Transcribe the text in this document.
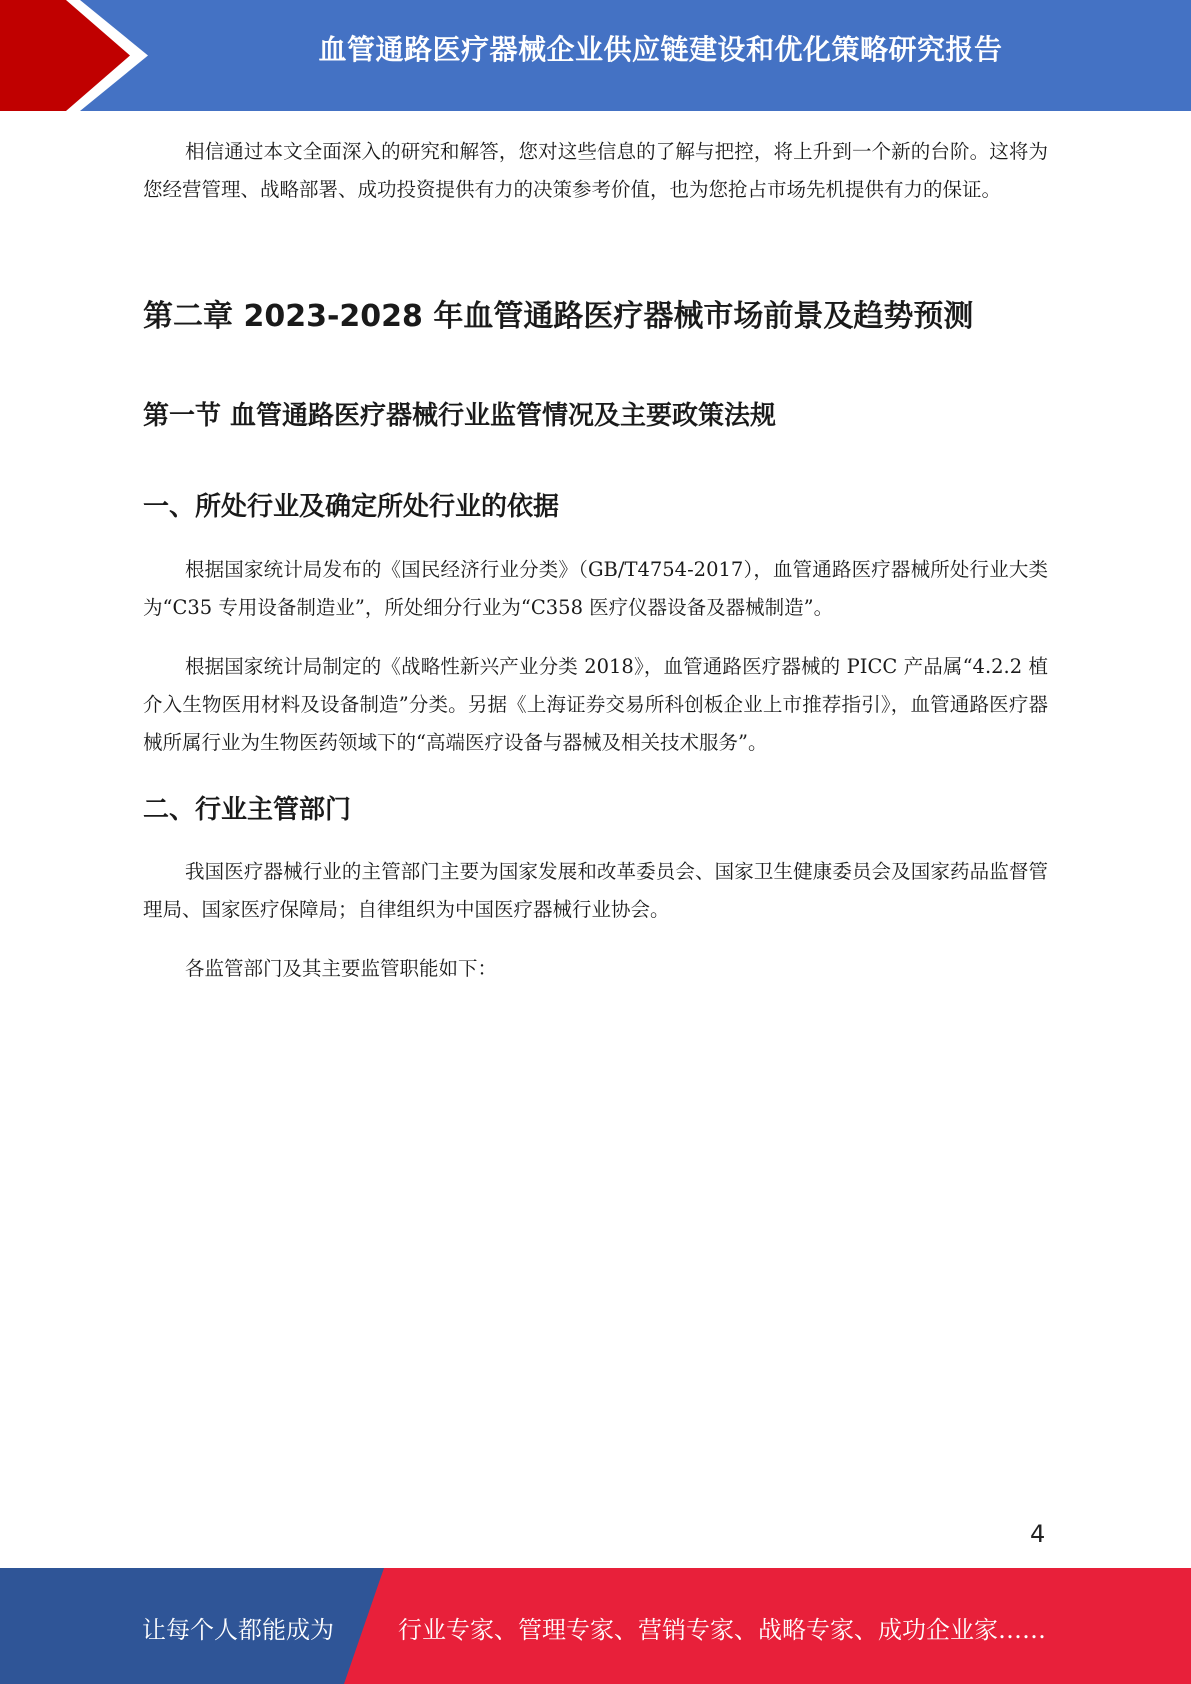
血管通路医疗器械企业供应链建设和优化策略研究报告

相信通过本文全面深入的研究和解答，您对这些信息的了解与把控，将上升到一个新的台阶。这将为您经营管理、战略部署、成功投资提供有力的决策参考价值，也为您抢占市场先机提供有力的保证。

第二章 2023-2028 年血管通路医疗器械市场前景及趋势预测
第一节 血管通路医疗器械行业监管情况及主要政策法规
一、所处行业及确定所处行业的依据

根据国家统计局发布的《国民经济行业分类》（GB/T4754-2017），血管通路医疗器械所处行业大类为“C35 专用设备制造业”，所处细分行业为“C358 医疗仪器设备及器械制造”。

根据国家统计局制定的《战略性新兴产业分类 2018》，血管通路医疗器械的 PICC 产品属“4.2.2 植介入生物医用材料及设备制造”分类。另据《上海证券交易所科创板企业上市推荐指引》，血管通路医疗器械所属行业为生物医药领域下的“高端医疗设备与器械及相关技术服务”。

二、行业主管部门

我国医疗器械行业的主管部门主要为国家发展和改革委员会、国家卫生健康委员会及国家药品监督管理局、国家医疗保障局；自律组织为中国医疗器械行业协会。

各监管部门及其主要监管职能如下：

4
让每个人都能成为	行业专家、管理专家、营销专家、战略专家、成功企业家……
